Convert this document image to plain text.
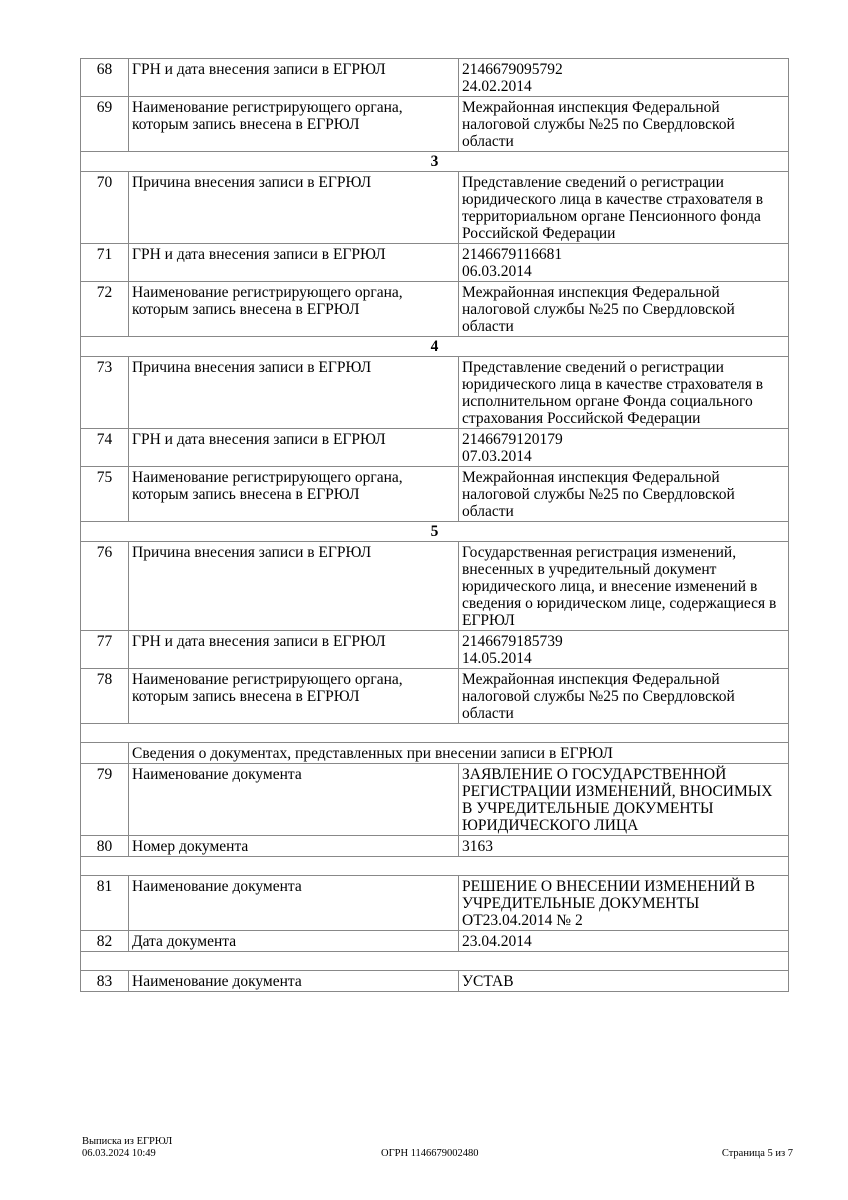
68	ГРН и дата внесения записи в ЕГРЮЛ	2146679095792
24.02.2014
69	Наименование регистрирующего органа, которым запись внесена в ЕГРЮЛ	Межрайонная инспекция Федеральной налоговой службы №25 по Свердловской области
3		
70	Причина внесения записи в ЕГРЮЛ	Представление сведений о регистрации юридического лица в качестве страхователя в территориальном органе Пенсионного фонда Российской Федерации
71	ГРН и дата внесения записи в ЕГРЮЛ	2146679116681
06.03.2014
72	Наименование регистрирующего органа, которым запись внесена в ЕГРЮЛ	Межрайонная инспекция Федеральной налоговой службы №25 по Свердловской области
4		
73	Причина внесения записи в ЕГРЮЛ	Представление сведений о регистрации юридического лица в качестве страхователя в исполнительном органе Фонда социального страхования Российской Федерации
74	ГРН и дата внесения записи в ЕГРЮЛ	2146679120179
07.03.2014
75	Наименование регистрирующего органа, которым запись внесена в ЕГРЮЛ	Межрайонная инспекция Федеральной налоговой службы №25 по Свердловской области
5		
76	Причина внесения записи в ЕГРЮЛ	Государственная регистрация изменений, внесенных в учредительный документ юридического лица, и внесение изменений в сведения о юридическом лице, содержащиеся в ЕГРЮЛ
77	ГРН и дата внесения записи в ЕГРЮЛ	2146679185739
14.05.2014
78	Наименование регистрирующего органа, которым запись внесена в ЕГРЮЛ	Межрайонная инспекция Федеральной налоговой службы №25 по Свердловской области

	Сведения о документах, представленных при внесении записи в ЕГРЮЛ	
79	Наименование документа	ЗАЯВЛЕНИЕ О ГОСУДАРСТВЕННОЙ РЕГИСТРАЦИИ ИЗМЕНЕНИЙ, ВНОСИМЫХ В УЧРЕДИТЕЛЬНЫЕ ДОКУМЕНТЫ ЮРИДИЧЕСКОГО ЛИЦА
80	Номер документа	3163

81	Наименование документа	РЕШЕНИЕ О ВНЕСЕНИИ ИЗМЕНЕНИЙ В УЧРЕДИТЕЛЬНЫЕ ДОКУМЕНТЫ ОТ23.04.2014 № 2
82	Дата документа	23.04.2014

83	Наименование документа	УСТАВ
Выписка из ЕГРЮЛ
06.03.2024 10:49	ОГРН 1146679002480	Страница 5 из 7
